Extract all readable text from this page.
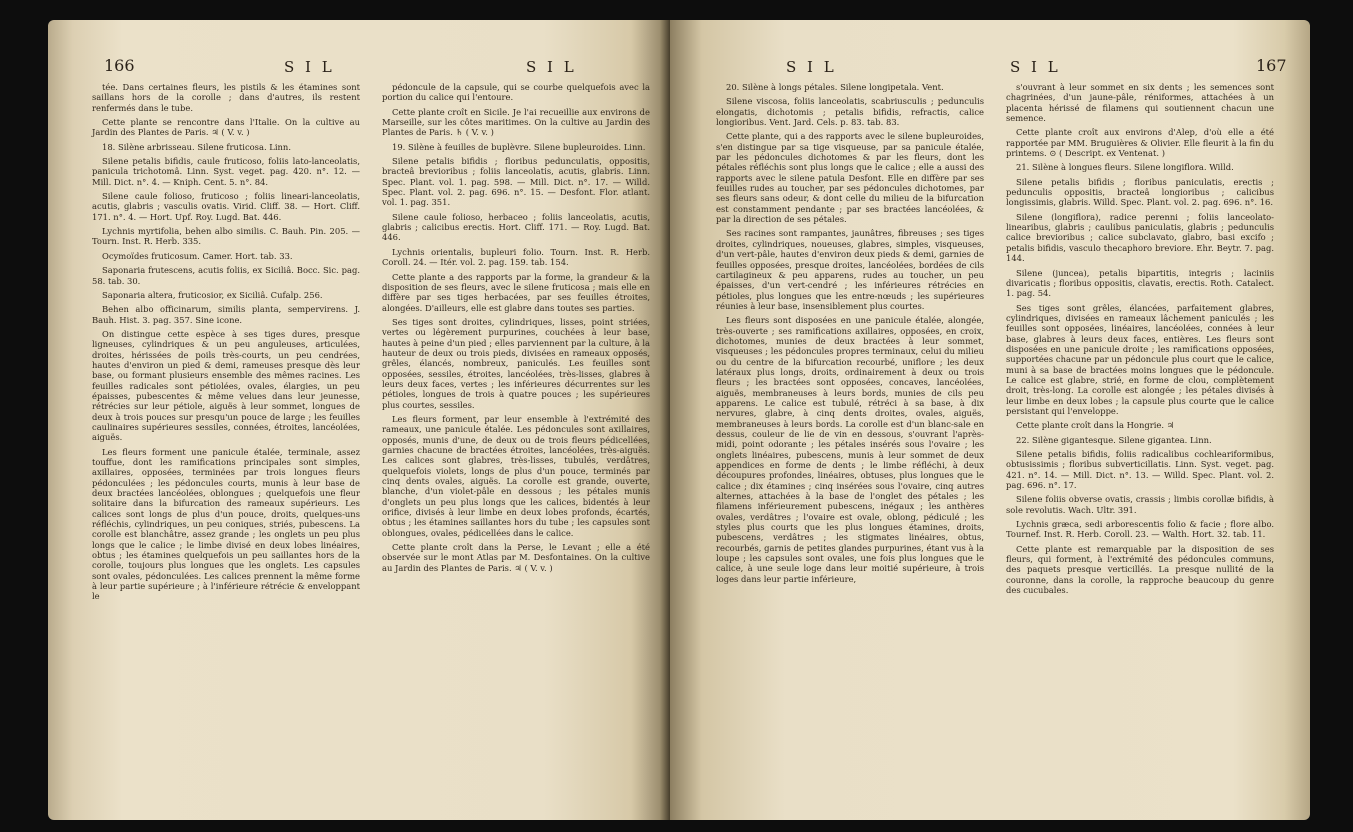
166	S I L	S I L

tée. Dans certaines fleurs, les pistils & les étamines sont saillans hors de la corolle ; dans d'autres, ils restent renfermés dans le tube.

Cette plante se rencontre dans l'Italie. On la cultive au Jardin des Plantes de Paris. ♃ ( V. v. )

18. Silène arbrisseau. Silene fruticosa. Linn.

Silene petalis bifidis, caule fruticoso, foliis lato-lanceolatis, panicula trichotomâ. Linn. Syst. veget. pag. 420. n°. 12. — Mill. Dict. n°. 4. — Kniph. Cent. 5. n°. 84.

Silene caule folioso, fruticoso ; foliis lineari-lanceolatis, acutis, glabris ; vasculis ovatis. Virid. Cliff. 38. — Hort. Cliff. 171. n°. 4. — Hort. Upf. Roy. Lugd. Bat. 446.

Lychnis myrtifolia, behen albo similis. C. Bauh. Pin. 205. — Tourn. Inst. R. Herb. 335.

Ocymoïdes fruticosum. Camer. Hort. tab. 33.

Saponaria frutescens, acutis foliis, ex Siciliâ. Bocc. Sic. pag. 58. tab. 30.

Saponaria altera, fruticosior, ex Siciliâ. Cufalp. 256.

Behen albo officinarum, similis planta, sempervirens. J. Bauh. Hist. 3. pag. 357. Sine icone.

On distingue cette espèce à ses tiges dures, presque ligneuses, cylindriques & un peu anguleuses, articulées, droites, hérissées de poils très-courts, un peu cendrées, hautes d'environ un pied & demi, rameuses presque dès leur base, ou formant plusieurs ensemble des mêmes racines. Les feuilles radicales sont pétiolées, ovales, élargies, un peu épaisses, pubescentes & même velues dans leur jeunesse, rétrécies sur leur pétiole, aiguës à leur sommet, longues de deux à trois pouces sur presqu'un pouce de large ; les feuilles caulinaires supérieures sessiles, connées, étroites, lancéolées, aiguës.

Les fleurs forment une panicule étalée, terminale, assez touffue, dont les ramifications principales sont simples, axillaires, opposées, terminées par trois longues fleurs pédonculées ; les pédoncules courts, munis à leur base de deux bractées lancéolées, oblongues ; quelquefois une fleur solitaire dans la bifurcation des rameaux supérieurs. Les calices sont longs de plus d'un pouce, droits, quelques-uns réfléchis, cylindriques, un peu coniques, striés, pubescens. La corolle est blanchâtre, assez grande ; les onglets un peu plus longs que le calice ; le limbe divisé en deux lobes linéaires, obtus ; les étamines quelquefois un peu saillantes hors de la corolle, toujours plus longues que les onglets. Les capsules sont ovales, pédonculées. Les calices prennent la même forme à leur partie supérieure ; à l'inférieure rétrécie & enveloppant le

pédoncule de la capsule, qui se courbe quelquefois avec la portion du calice qui l'entoure.

Cette plante croît en Sicile. Je l'ai recueillie aux environs de Marseille, sur les côtes maritimes. On la cultive au Jardin des Plantes de Paris. ♄ ( V. v. )

19. Silène à feuilles de buplèvre. Silene bupleuroides. Linn.

Silene petalis bifidis ; floribus pedunculatis, oppositis, bracteâ brevioribus ; foliis lanceolatis, acutis, glabris. Linn. Spec. Plant. vol. 1. pag. 598. — Mill. Dict. n°. 17. — Willd. Spec. Plant. vol. 2. pag. 696. n°. 15. — Desfont. Flor. atlant. vol. 1. pag. 351.

Silene caule folioso, herbaceo ; foliis lanceolatis, acutis, glabris ; calicibus erectis. Hort. Cliff. 171. — Roy. Lugd. Bat. 446.

Lychnis orientalis, bupleuri folio. Tourn. Inst. R. Herb. Coroll. 24. — Itér. vol. 2. pag. 159. tab. 154.

Cette plante a des rapports par la forme, la grandeur & la disposition de ses fleurs, avec le silene fruticosa ; mais elle en diffère par ses tiges herbacées, par ses feuilles étroites, alongées. D'ailleurs, elle est glabre dans toutes ses parties.

Ses tiges sont droites, cylindriques, lisses, point striées, vertes ou légèrement purpurines, couchées à leur base, hautes à peine d'un pied ; elles parviennent par la culture, à la hauteur de deux ou trois pieds, divisées en rameaux opposés, grêles, élancés, nombreux, paniculés. Les feuilles sont opposées, sessiles, étroites, lancéolées, très-lisses, glabres à leurs deux faces, vertes ; les inférieures décurrentes sur les pétioles, longues de trois à quatre pouces ; les supérieures plus courtes, sessiles.

Les fleurs forment, par leur ensemble à l'extrémité des rameaux, une panicule étalée. Les pédoncules sont axillaires, opposés, munis d'une, de deux ou de trois fleurs pédicellées, garnies chacune de bractées étroites, lancéolées, très-aiguës. Les calices sont glabres, très-lisses, tubulés, verdâtres, quelquefois violets, longs de plus d'un pouce, terminés par cinq dents ovales, aiguës. La corolle est grande, ouverte, blanche, d'un violet-pâle en dessous ; les pétales munis d'onglets un peu plus longs que les calices, bidentés à leur orifice, divisés à leur limbe en deux lobes profonds, écartés, obtus ; les étamines saillantes hors du tube ; les capsules sont oblongues, ovales, pédicellées dans le calice.

Cette plante croît dans la Perse, le Levant ; elle a été observée sur le mont Atlas par M. Desfontaines. On la cultive au Jardin des Plantes de Paris. ♃ ( V. v. )

S I L	S I L	167

20. Silène à longs pétales. Silene longipetala. Vent.

Silene viscosa, foliis lanceolatis, scabriusculis ; pedunculis elongatis, dichotomis ; petalis bifidis, refractis, calice longioribus. Vent. Jard. Cels. p. 83. tab. 83.

Cette plante, qui a des rapports avec le silene bupleuroides, s'en distingue par sa tige visqueuse, par sa panicule étalée, par les pédoncules dichotomes & par les fleurs, dont les pétales réfléchis sont plus longs que le calice ; elle a aussi des rapports avec le silene patula Desfont. Elle en diffère par ses feuilles rudes au toucher, par ses pédoncules dichotomes, par ses fleurs sans odeur, & dont celle du milieu de la bifurcation est constamment pendante ; par ses bractées lancéolées, & par la direction de ses pétales.

Ses racines sont rampantes, jaunâtres, fibreuses ; ses tiges droites, cylindriques, noueuses, glabres, simples, visqueuses, d'un vert-pâle, hautes d'environ deux pieds & demi, garnies de feuilles opposées, presque droites, lancéolées, bordées de cils cartilagineux & peu apparens, rudes au toucher, un peu épaisses, d'un vert-cendré ; les inférieures rétrécies en pétioles, plus longues que les entre-nœuds ; les supérieures réunies à leur base, insensiblement plus courtes.

Les fleurs sont disposées en une panicule étalée, alongée, très-ouverte ; ses ramifications axillaires, opposées, en croix, dichotomes, munies de deux bractées à leur sommet, visqueuses ; les pédoncules propres terminaux, celui du milieu ou du centre de la bifurcation recourbé, uniflore ; les deux latéraux plus longs, droits, ordinairement à deux ou trois fleurs ; les bractées sont opposées, concaves, lancéolées, aiguës, membraneuses à leurs bords, munies de cils peu apparens. Le calice est tubulé, rétréci à sa base, à dix nervures, glabre, à cinq dents droites, ovales, aiguës, membraneuses à leurs bords. La corolle est d'un blanc-sale en dessus, couleur de lie de vin en dessous, s'ouvrant l'après-midi, point odorante ; les pétales insérés sous l'ovaire ; les onglets linéaires, pubescens, munis à leur sommet de deux appendices en forme de dents ; le limbe réfléchi, à deux découpures profondes, linéaires, obtuses, plus longues que le calice ; dix étamines ; cinq insérées sous l'ovaire, cinq autres alternes, attachées à la base de l'onglet des pétales ; les filamens inférieurement pubescens, inégaux ; les anthères ovales, verdâtres ; l'ovaire est ovale, oblong, pédiculé ; les styles plus courts que les plus longues étamines, droits, pubescens, verdâtres ; les stigmates linéaires, obtus, recourbés, garnis de petites glandes purpurines, étant vus à la loupe ; les capsules sont ovales, une fois plus longues que le calice, à une seule loge dans leur moitié supérieure, à trois loges dans leur partie inférieure,

s'ouvrant à leur sommet en six dents ; les semences sont chagrinées, d'un jaune-pâle, réniformes, attachées à un placenta hérissé de filamens qui soutiennent chacun une semence.

Cette plante croît aux environs d'Alep, d'où elle a été rapportée par MM. Bruguières & Olivier. Elle fleurit à la fin du printems. ⊙ ( Descript. ex Ventenat. )

21. Silène à longues fleurs. Silene longiflora. Willd.

Silene petalis bifidis ; floribus paniculatis, erectis ; pedunculis oppositis, bracteâ longioribus ; calicibus longissimis, glabris. Willd. Spec. Plant. vol. 2. pag. 696. n°. 16.

Silene (longiflora), radice perenni ; foliis lanceolato-linearibus, glabris ; caulibus paniculatis, glabris ; pedunculis calice brevioribus ; calice subclavato, glabro, basi excifo ; petalis bifidis, vasculo thecaphoro breviore. Ehr. Beytr. 7. pag. 144.

Silene (juncea), petalis bipartitis, integris ; laciniis divaricatis ; floribus oppositis, clavatis, erectis. Roth. Catalect. 1. pag. 54.

Ses tiges sont grêles, élancées, parfaitement glabres, cylindriques, divisées en rameaux lâchement paniculés ; les feuilles sont opposées, linéaires, lancéolées, connées à leur base, glabres à leurs deux faces, entières. Les fleurs sont disposées en une panicule droite ; les ramifications opposées, supportées chacune par un pédoncule plus court que le calice, muni à sa base de bractées moins longues que le pédoncule. Le calice est glabre, strié, en forme de clou, complètement droit, très-long. La corolle est alongée ; les pétales divisés à leur limbe en deux lobes ; la capsule plus courte que le calice persistant qui l'enveloppe.

Cette plante croît dans la Hongrie. ♃

22. Silène gigantesque. Silene gigantea. Linn.

Silene petalis bifidis, foliis radicalibus cochleariformibus, obtusissimis ; floribus subverticillatis. Linn. Syst. veget. pag. 421. n°. 14. — Mill. Dict. n°. 13. — Willd. Spec. Plant. vol. 2. pag. 696. n°. 17.

Silene foliis obverse ovatis, crassis ; limbis corollæ bifidis, à sole revolutis. Wach. Ultr. 391.

Lychnis græca, sedi arborescentis folio & facie ; flore albo. Tournef. Inst. R. Herb. Coroll. 23. — Walth. Hort. 32. tab. 11.

Cette plante est remarquable par la disposition de ses fleurs, qui forment, à l'extrémité des pédoncules communs, des paquets presque verticillés. La presque nullité de la couronne, dans la corolle, la rapproche beaucoup du genre des cucubales.
